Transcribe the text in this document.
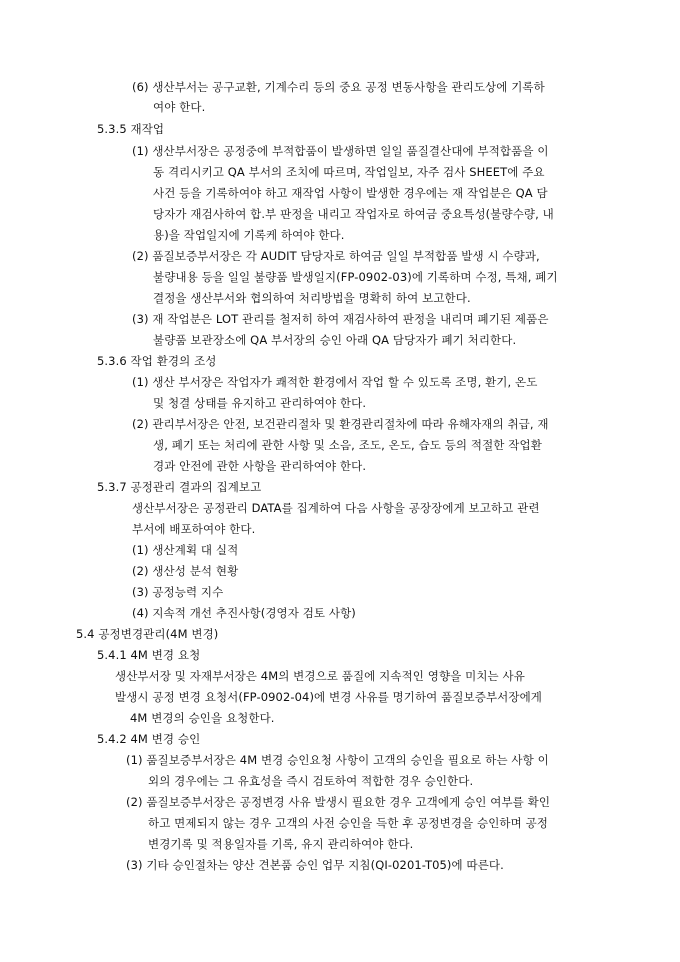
(6) 생산부서는 공구교환, 기계수리 등의 중요 공정 변동사항을 관리도상에 기록하
여야 한다.
5.3.5 재작업
(1) 생산부서장은 공정중에 부적합품이 발생하면 일일 품질결산대에 부적합품을 이
동 격리시키고 QA 부서의 조치에 따르며, 작업일보, 자주 검사 SHEET에 주요
사건 등을 기록하여야 하고 재작업 사항이 발생한 경우에는 재 작업분은 QA 담
당자가 재검사하여 합.부 판정을 내리고 작업자로 하여금 중요특성(불량수량, 내
용)을 작업일지에 기록케 하여야 한다.
(2) 품질보증부서장은 각 AUDIT 담당자로 하여금 일일 부적합품 발생 시 수량과,
불량내용 등을 일일 불량품 발생일지(FP-0902-03)에 기록하며 수정, 특채, 폐기
결정을 생산부서와 협의하여 처리방법을 명확히 하여 보고한다.
(3) 재 작업분은 LOT 관리를 철저히 하여 재검사하여 판정을 내리며 폐기된 제품은
불량품 보관장소에 QA 부서장의 승인 아래 QA 담당자가 폐기 처리한다.
5.3.6 작업 환경의 조성
(1) 생산 부서장은 작업자가 쾌적한 환경에서 작업 할 수 있도록 조명, 환기, 온도
및 청결 상태를 유지하고 관리하여야 한다.
(2) 관리부서장은 안전, 보건관리절차 및 환경관리절차에 따라 유해자재의 취급, 재
생, 폐기 또는 처리에 관한 사항 및 소음, 조도, 온도, 습도 등의 적절한 작업환
경과 안전에 관한 사항을 관리하여야 한다.
5.3.7 공정관리 결과의 집계보고
생산부서장은 공정관리 DATA를 집계하여 다음 사항을 공장장에게 보고하고 관련
부서에 배포하여야 한다.
(1) 생산계획 대 실적
(2) 생산성 분석 현황
(3) 공정능력 지수
(4) 지속적 개선 추진사항(경영자 검토 사항)
5.4 공정변경관리(4M 변경)
5.4.1 4M 변경 요청
생산부서장 및 자재부서장은 4M의 변경으로 품질에 지속적인 영향을 미치는 사유
발생시 공정 변경 요청서(FP-0902-04)에 변경 사유를 명기하여 품질보증부서장에게
4M 변경의 승인을 요청한다.
5.4.2 4M 변경 승인
(1) 품질보증부서장은 4M 변경 승인요청 사항이 고객의 승인을 필요로 하는 사항 이
외의 경우에는 그 유효성을 즉시 검토하여 적합한 경우 승인한다.
(2) 품질보증부서장은 공정변경 사유 발생시 필요한 경우 고객에게 승인 여부를 확인
하고 면제되지 않는 경우 고객의 사전 승인을 득한 후 공정변경을 승인하며 공정
변경기록 및 적용일자를 기록, 유지 관리하여야 한다.
(3) 기타 승인절차는 양산 견본품 승인 업무 지침(QI-0201-T05)에 따른다.
